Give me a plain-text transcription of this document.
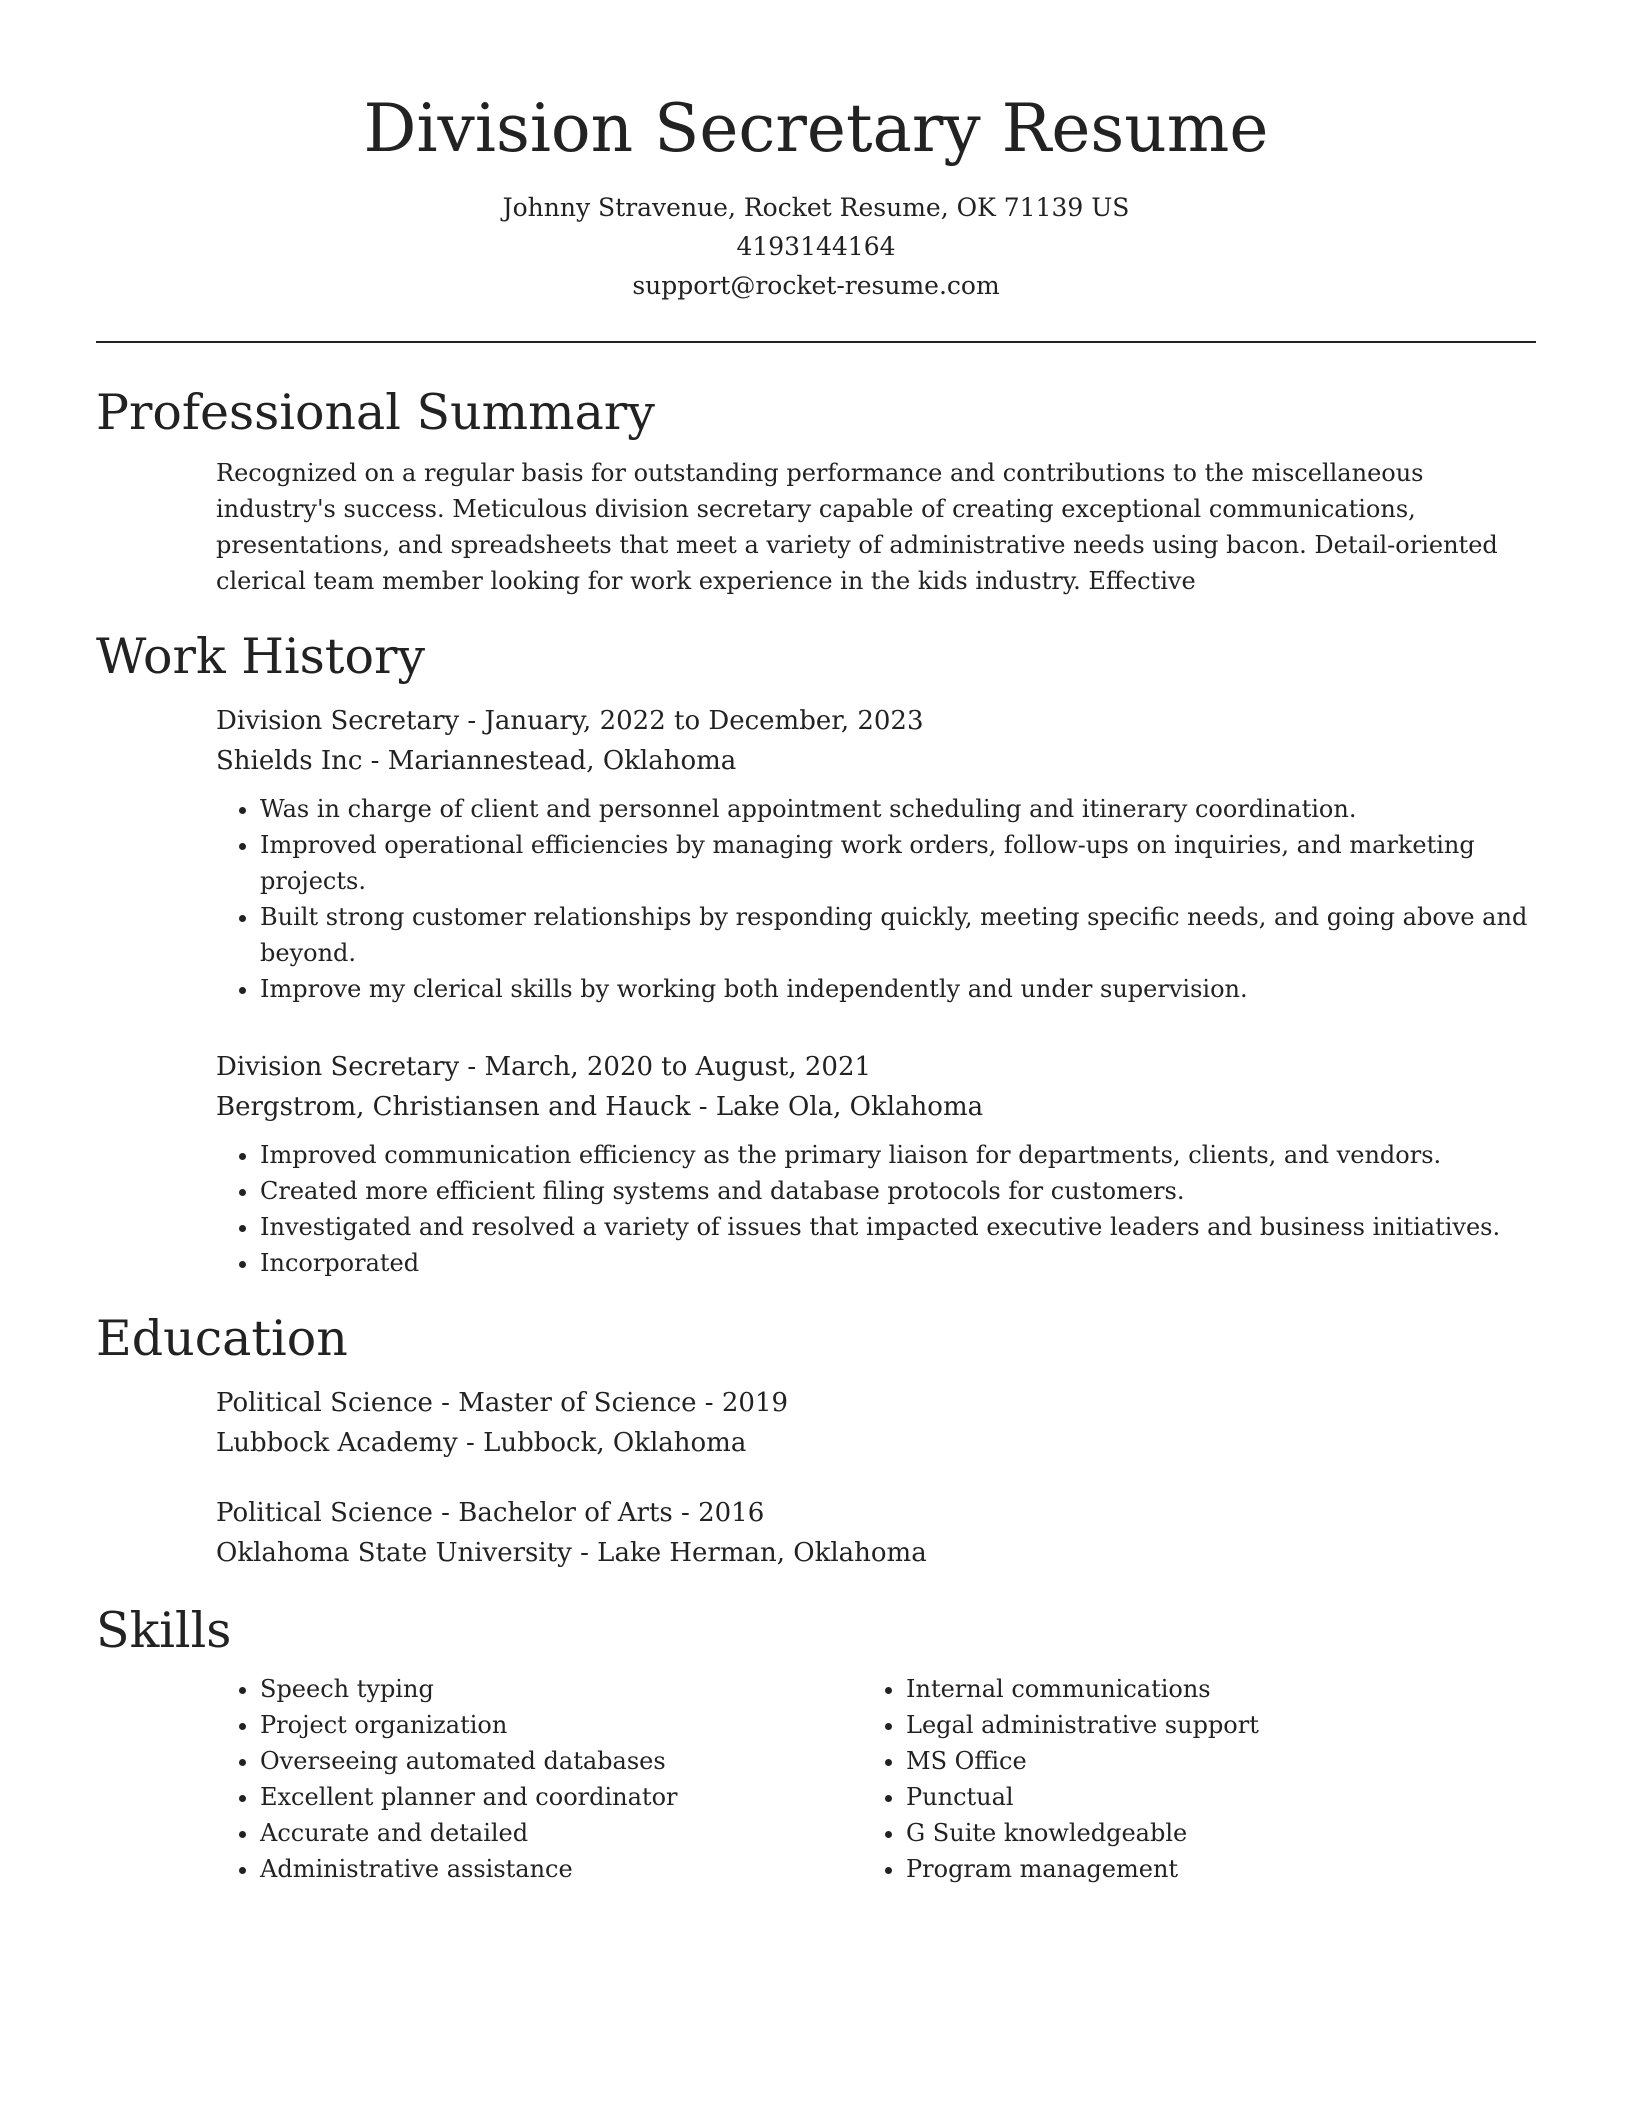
Division Secretary Resume
Johnny Stravenue, Rocket Resume, OK 71139 US
4193144164
support@rocket-resume.com
Professional Summary
Recognized on a regular basis for outstanding performance and contributions to the miscellaneous industry's success. Meticulous division secretary capable of creating exceptional communications, presentations, and spreadsheets that meet a variety of administrative needs using bacon. Detail-oriented clerical team member looking for work experience in the kids industry. Effective
Work History
Division Secretary - January, 2022 to December, 2023
Shields Inc - Mariannestead, Oklahoma
• Was in charge of client and personnel appointment scheduling and itinerary coordination.
• Improved operational efficiencies by managing work orders, follow-ups on inquiries, and marketing projects.
• Built strong customer relationships by responding quickly, meeting specific needs, and going above and beyond.
• Improve my clerical skills by working both independently and under supervision.
Division Secretary - March, 2020 to August, 2021
Bergstrom, Christiansen and Hauck - Lake Ola, Oklahoma
• Improved communication efficiency as the primary liaison for departments, clients, and vendors.
• Created more efficient filing systems and database protocols for customers.
• Investigated and resolved a variety of issues that impacted executive leaders and business initiatives.
• Incorporated
Education
Political Science - Master of Science - 2019
Lubbock Academy - Lubbock, Oklahoma
Political Science - Bachelor of Arts - 2016
Oklahoma State University - Lake Herman, Oklahoma
Skills
• Speech typing
• Project organization
• Overseeing automated databases
• Excellent planner and coordinator
• Accurate and detailed
• Administrative assistance
• Internal communications
• Legal administrative support
• MS Office
• Punctual
• G Suite knowledgeable
• Program management
